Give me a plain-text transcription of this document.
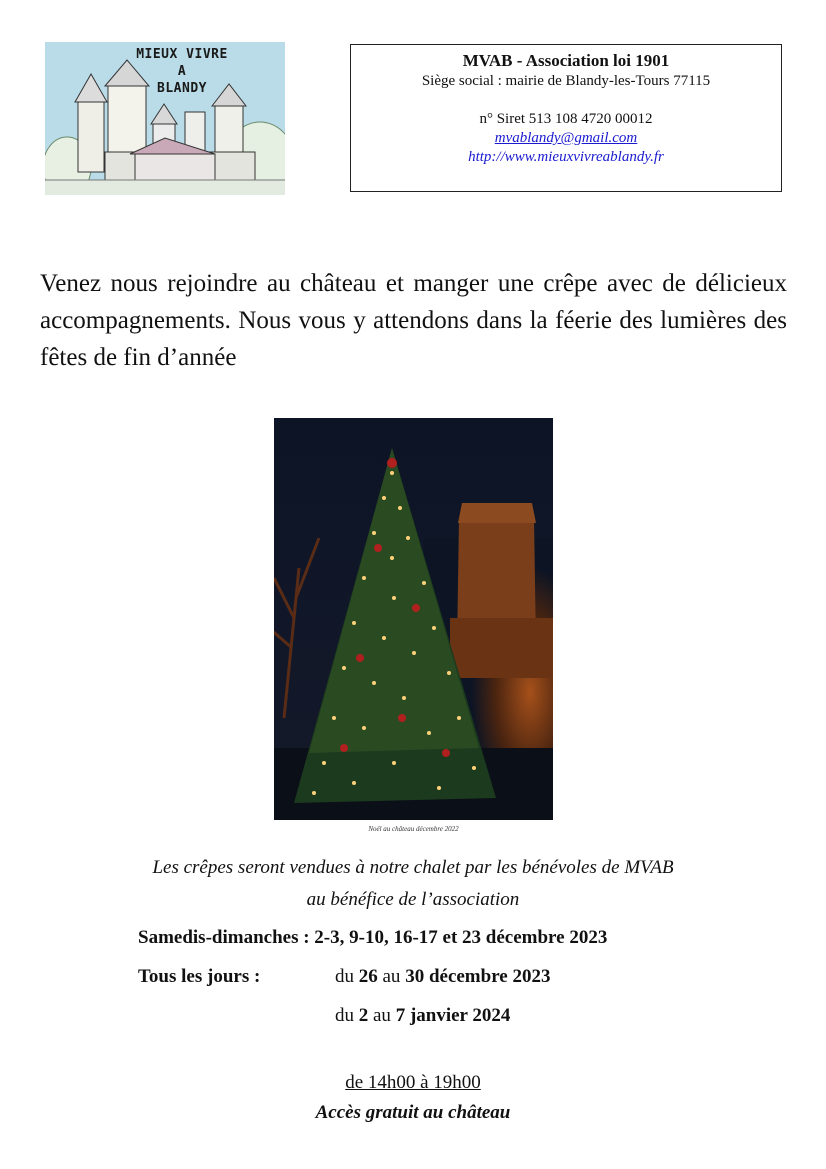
MIEUX VIVRE
A
BLANDY
MVAB - Association loi 1901
Siège social : mairie de Blandy-les-Tours 77115
n° Siret 513 108 4720 00012
mvablandy@gmail.com
http://www.mieuxvivreablandy.fr
Venez nous rejoindre au château et manger une crêpe avec de délicieux accompagnements. Nous vous y attendons dans la féerie des lumières des fêtes de fin d’année
Noël au château décembre 2022
Les crêpes seront vendues à notre chalet par les bénévoles de MVAB
au bénéfice de l’association
Samedis-dimanches : 2-3, 9-10, 16-17 et 23 décembre 2023
Tous les jours :	du 26 au 30 décembre 2023
du 2 au 7 janvier 2024
de 14h00 à 19h00
Accès gratuit au château
